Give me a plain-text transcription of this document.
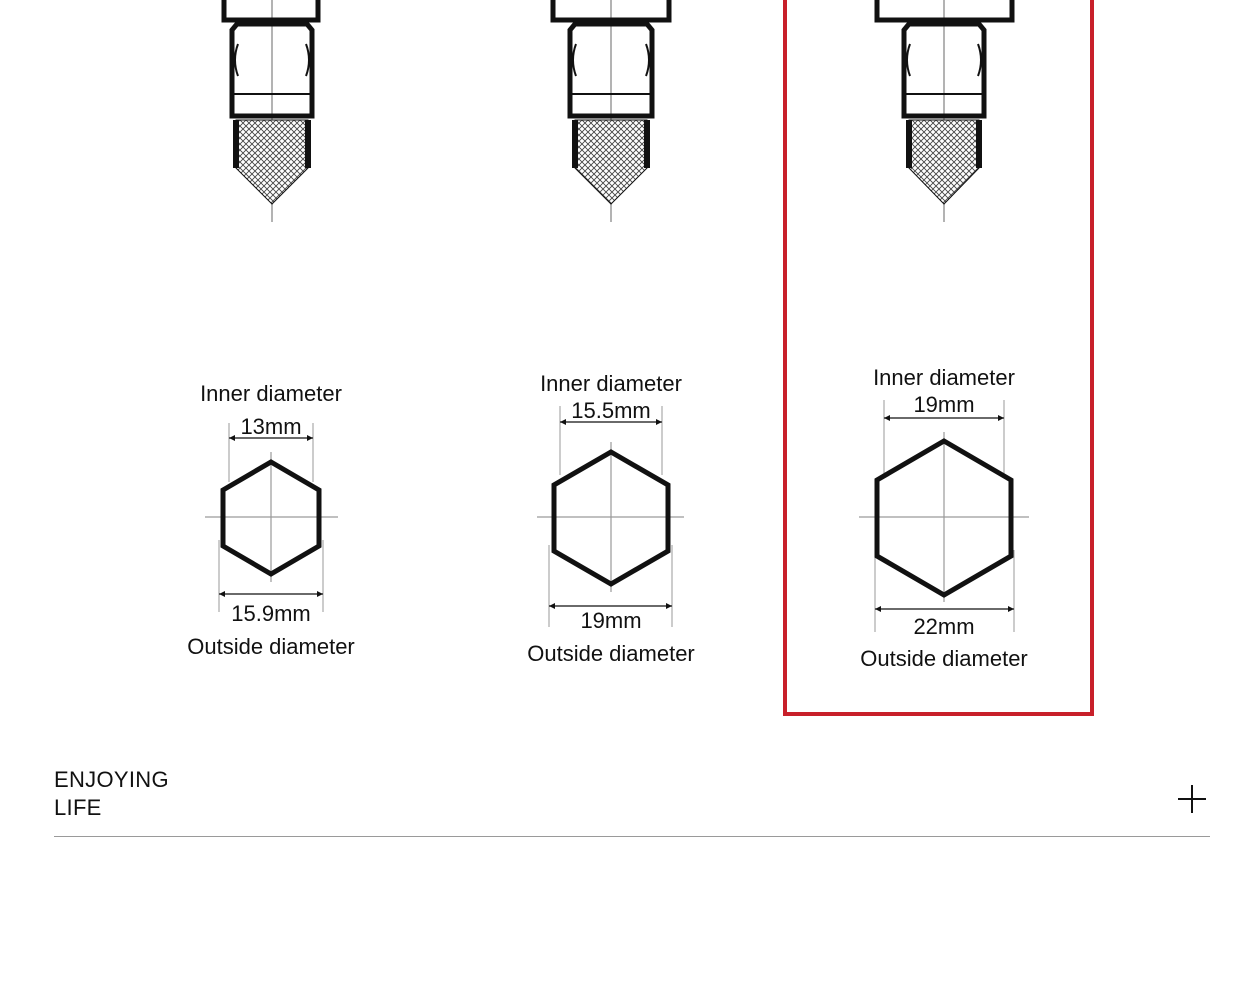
Inner diameter
13mm
15.9mm
Outside diameter
Inner diameter
15.5mm
19mm
Outside diameter
Inner diameter
19mm
22mm
Outside diameter
ENJOYING
LIFE
